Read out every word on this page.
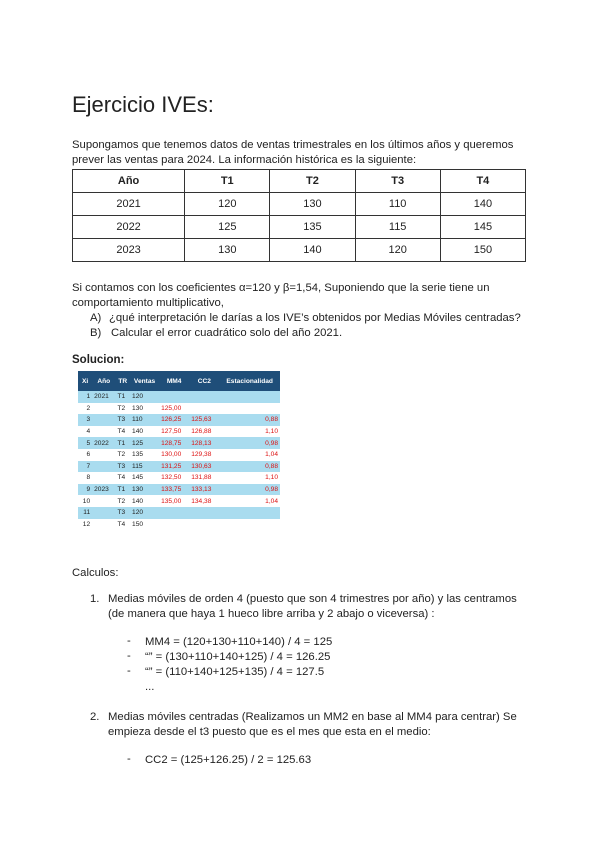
Ejercicio IVEs:
Supongamos que tenemos datos de ventas trimestrales en los últimos años y queremos
prever las ventas para 2024. La información histórica es la siguiente:
Año	T1	T2	T3	T4
2021	120	130	110	140
2022	125	135	115	145
2023	130	140	120	150
Si contamos con los coeficientes α=120 y β=1,54, Suponiendo que la serie tiene un
comportamiento multiplicativo,
A) ¿qué interpretación le darías a los IVE’s obtenidos por Medias Móviles centradas?
B) Calcular el error cuadrático solo del año 2021.
Solucion:
Xi	Año	TR	Ventas	MM4	CC2	Estacionalidad
1	2021	T1	120			
2		T2	130	125,00		
3		T3	110	126,25	125,63	0,88
4		T4	140	127,50	126,88	1,10
5	2022	T1	125	128,75	128,13	0,98
6		T2	135	130,00	129,38	1,04
7		T3	115	131,25	130,63	0,88
8		T4	145	132,50	131,88	1,10
9	2023	T1	130	133,75	133,13	0,98
10		T2	140	135,00	134,38	1,04
11		T3	120			
12		T4	150			
Calculos:
1. Medias móviles de orden 4 (puesto que son 4 trimestres por año) y las centramos
(de manera que haya 1 hueco libre arriba y 2 abajo o viceversa) :
- MM4 = (120+130+110+140) / 4 = 125
- “” = (130+110+140+125) / 4 = 126.25
- “” = (110+140+125+135) / 4 = 127.5
...
2. Medias móviles centradas (Realizamos un MM2 en base al MM4 para centrar) Se
empieza desde el t3 puesto que es el mes que esta en el medio:
- CC2 = (125+126.25) / 2 = 125.63
